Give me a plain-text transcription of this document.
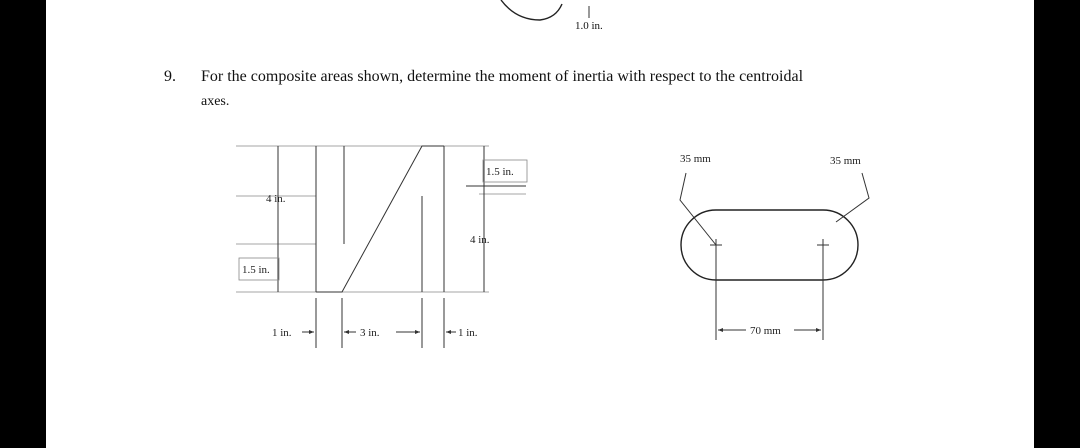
1.0 in.
9. For the composite areas shown, determine the moment of inertia with respect to the centroidal
axes.
4 in.
1.5 in.
1.5 in.
4 in.
1 in.	3 in.	1 in.
35 mm	35 mm
70 mm
